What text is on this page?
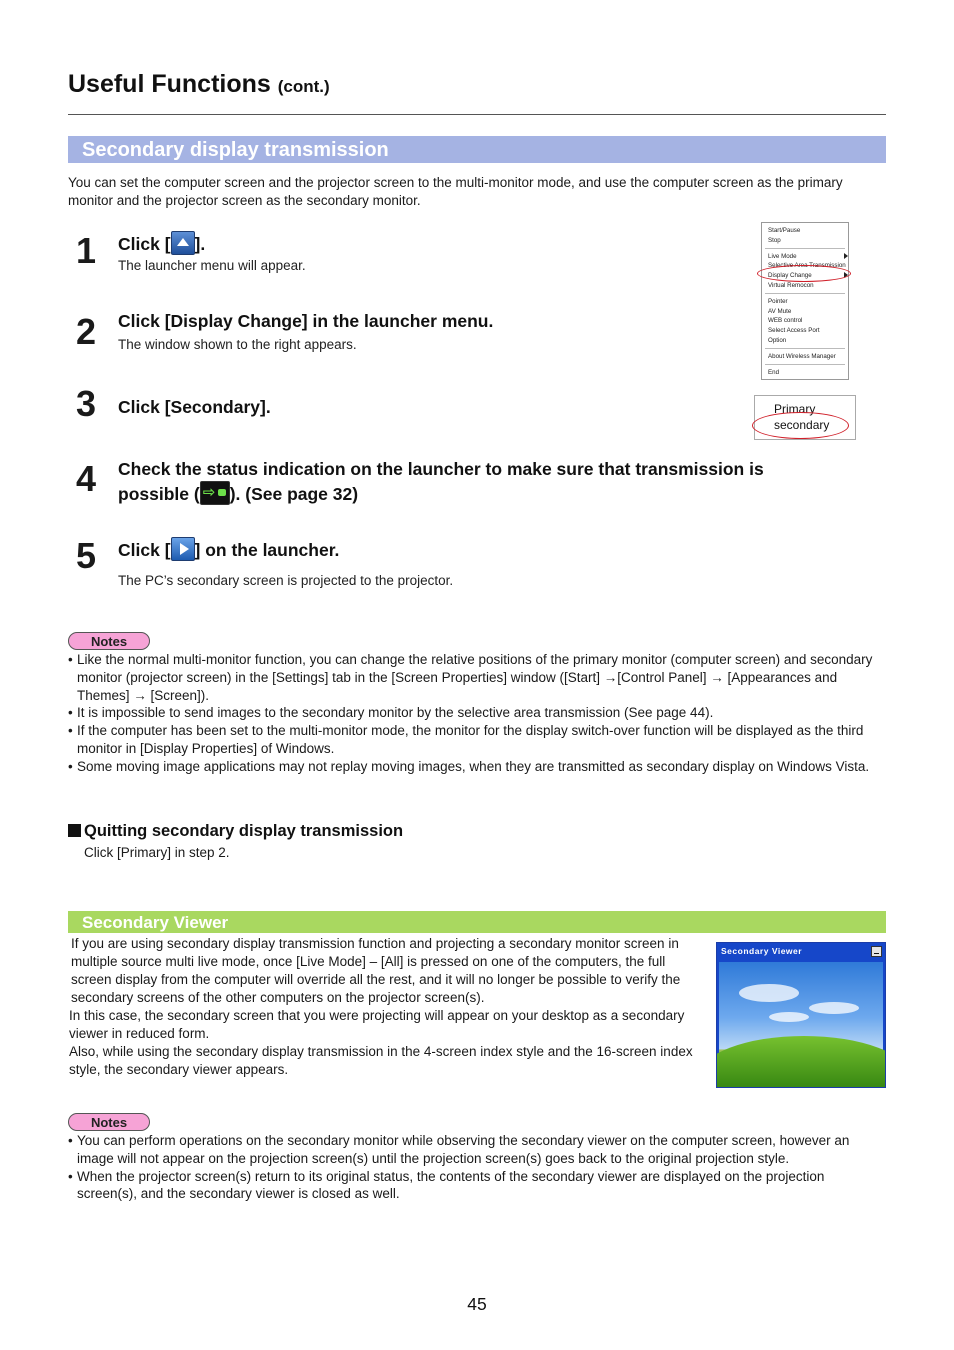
Useful Functions (cont.)
Secondary display transmission
You can set the computer screen and the projector screen to the multi-monitor mode, and use the computer screen as the primary monitor and the projector screen as the secondary monitor.
1 Click [ ].
The launcher menu will appear.
2 Click [Display Change] in the launcher menu.
The window shown to the right appears.
3 Click [Secondary].
4 Check the status indication on the launcher to make sure that transmission is
possible (⇨ ). (See page 32)
5 Click [ ] on the launcher.
The PC’s secondary screen is projected to the projector.
Start/Pause
Stop
Live Mode
Selective Area Transmission
Display Change
Virtual Remocon
Pointer
AV Mute
WEB control
Select Access Port
Option
About Wireless Manager
End
Primary
secondary
Notes
• Like the normal multi-monitor function, you can change the relative positions of the primary monitor (computer screen) and secondary monitor (projector screen) in the [Settings] tab in the [Screen Properties] window ([Start] →[Control Panel] → [Appearances and Themes] → [Screen]).
• It is impossible to send images to the secondary monitor by the selective area transmission (See page 44).
• If the computer has been set to the multi-monitor mode, the monitor for the display switch-over function will be displayed as the third monitor in [Display Properties] of Windows.
• Some moving image applications may not replay moving images, when they are transmitted as secondary display on Windows Vista.
Quitting secondary display transmission
Click [Primary] in step 2.
Secondary Viewer
If you are using secondary display transmission function and projecting a secondary monitor screen in multiple source multi live mode, once [Live Mode] – [All] is pressed on one of the computers, the full screen display from the computer will override all the rest, and it will no longer be possible to verify the secondary screens of the other computers on the projector screen(s).
In this case, the secondary screen that you were projecting will appear on your desktop as a secondary viewer in reduced form.
Also, while using the secondary display transmission in the 4-screen index style and the 16-screen index style, the secondary viewer appears.
Secondary Viewer
Notes
• You can perform operations on the secondary monitor while observing the secondary viewer on the computer screen, however an image will not appear on the projection screen(s) until the projection screen(s) goes back to the original projection style.
• When the projector screen(s) return to its original status, the contents of the secondary viewer are displayed on the projection screen(s), and the secondary viewer is closed as well.
45
